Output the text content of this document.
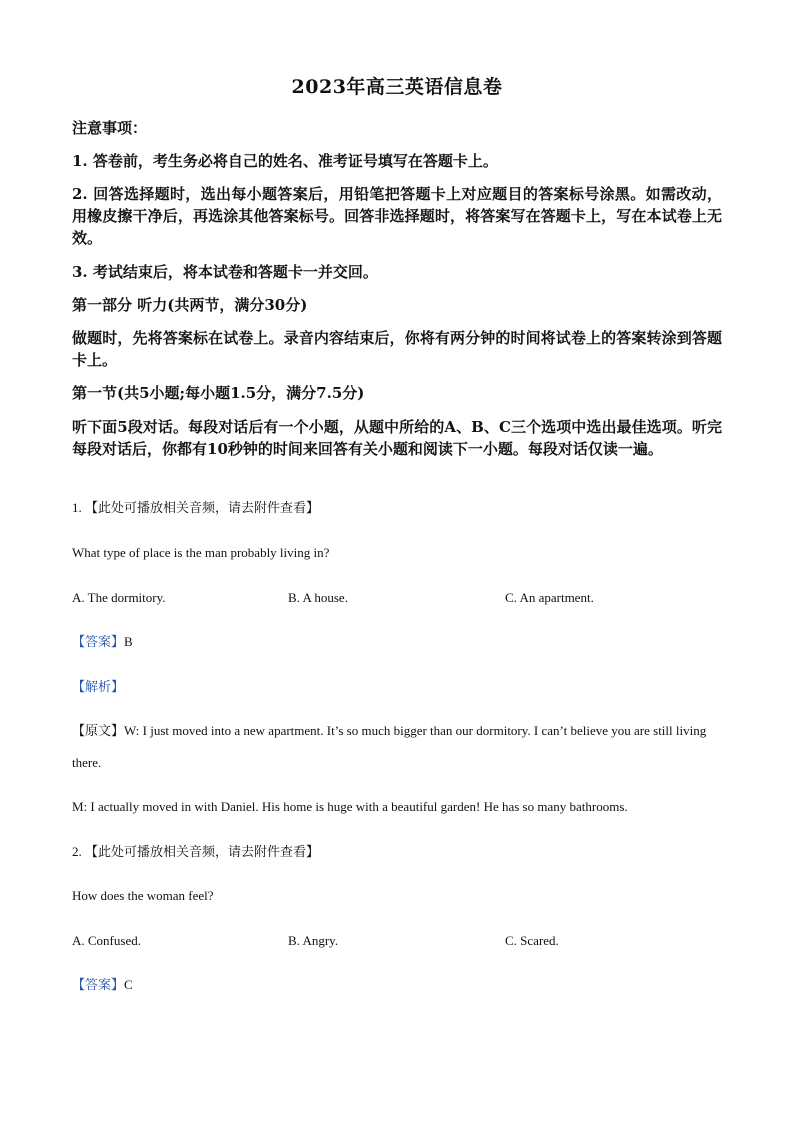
2023年高三英语信息卷
注意事项：
1. 答卷前，考生务必将自己的姓名、准考证号填写在答题卡上。
2. 回答选择题时，选出每小题答案后，用铅笔把答题卡上对应题目的答案标号涂黑。如需改动，用橡皮擦干净后，再选涂其他答案标号。回答非选择题时，将答案写在答题卡上，写在本试卷上无效。
3. 考试结束后，将本试卷和答题卡一并交回。
第一部分 听力(共两节，满分30分)
做题时，先将答案标在试卷上。录音内容结束后，你将有两分钟的时间将试卷上的答案转涂到答题卡上。
第一节(共5小题;每小题1.5分，满分7.5分)
听下面5段对话。每段对话后有一个小题，从题中所给的A、B、C三个选项中选出最佳选项。听完每段对话后，你都有10秒钟的时间来回答有关小题和阅读下一小题。每段对话仅读一遍。
1. 【此处可播放相关音频，请去附件查看】
What type of place is the man probably living in?
A. The dormitory.	B. A house.	C. An apartment.
【答案】B
【解析】
【原文】W: I just moved into a new apartment. It’s so much bigger than our dormitory. I can’t believe you are still living there.
M: I actually moved in with Daniel. His home is huge with a beautiful garden! He has so many bathrooms.
2. 【此处可播放相关音频，请去附件查看】
How does the woman feel?
A. Confused.	B. Angry.	C. Scared.
【答案】C
